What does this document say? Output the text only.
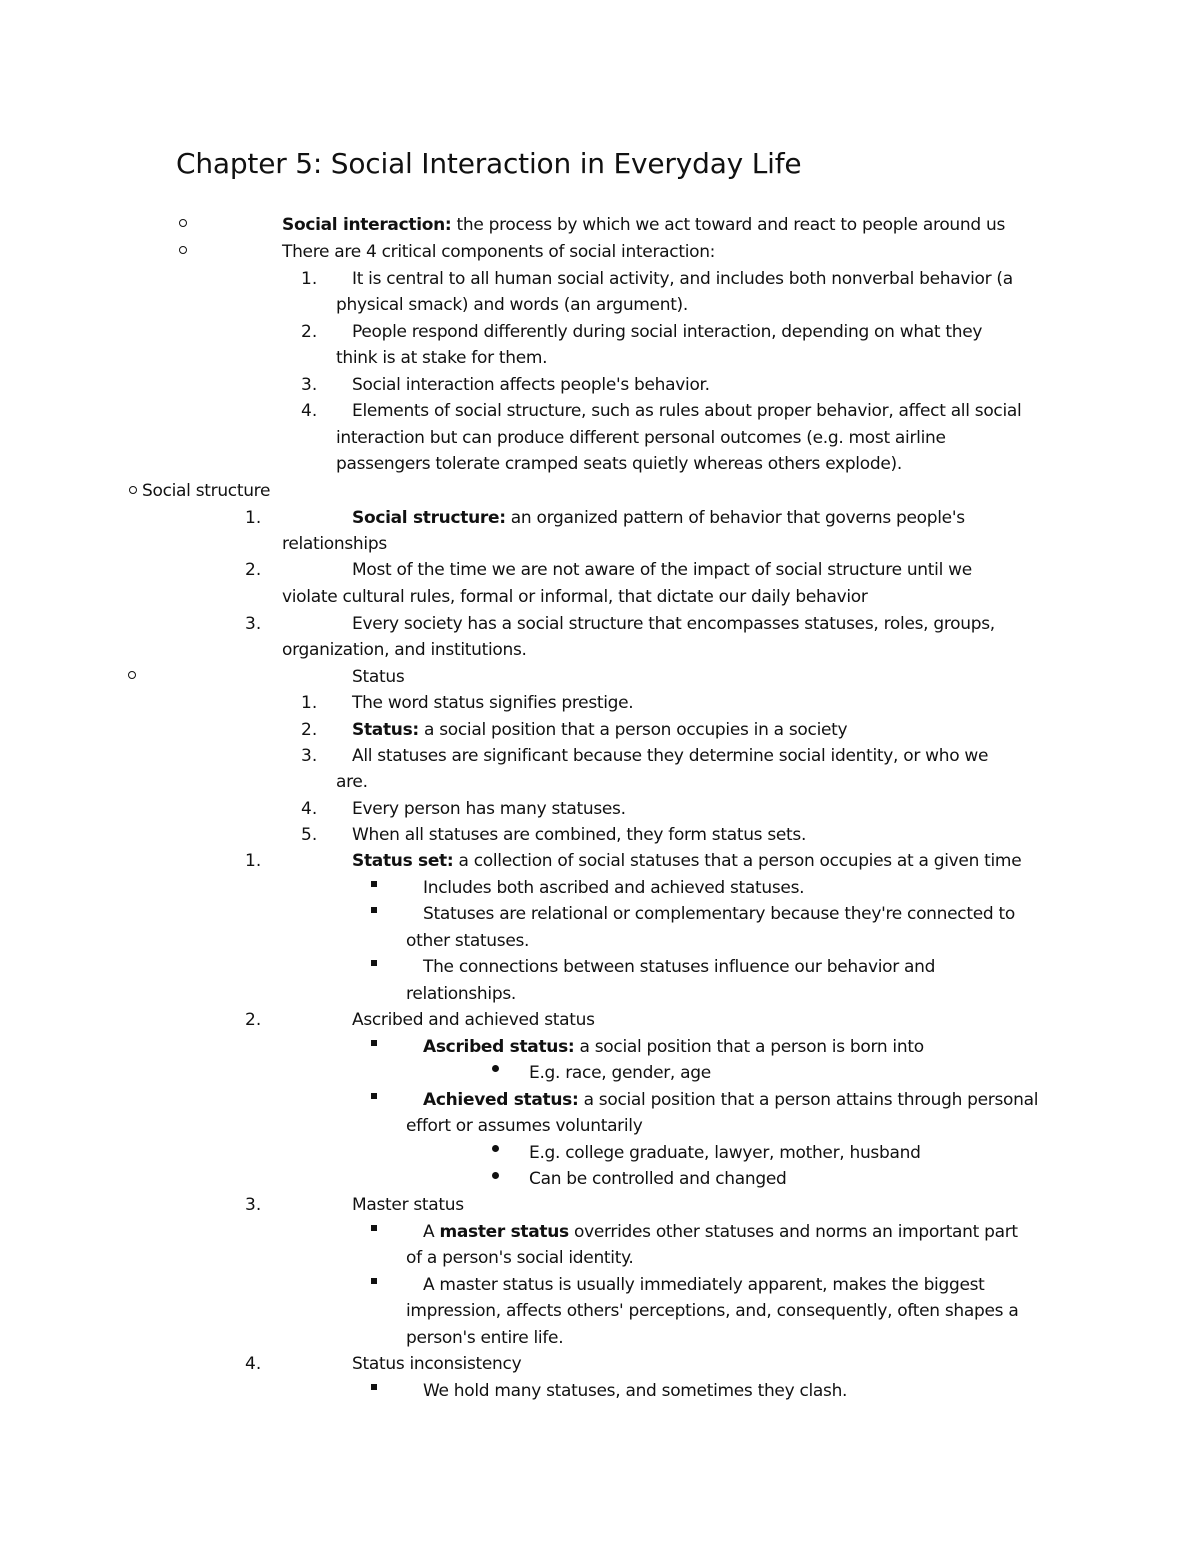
Chapter 5: Social Interaction in Everyday Life
Social interaction: the process by which we act toward and react to people around us
There are 4 critical components of social interaction:
1. It is central to all human social activity, and includes both nonverbal behavior (a
physical smack) and words (an argument).
2. People respond differently during social interaction, depending on what they
think is at stake for them.
3. Social interaction affects people's behavior.
4. Elements of social structure, such as rules about proper behavior, affect all social
interaction but can produce different personal outcomes (e.g. most airline
passengers tolerate cramped seats quietly whereas others explode).
Social structure
1.	Social structure: an organized pattern of behavior that governs people's
relationships
2.	Most of the time we are not aware of the impact of social structure until we
violate cultural rules, formal or informal, that dictate our daily behavior
3.	Every society has a social structure that encompasses statuses, roles, groups,
organization, and institutions.
Status
1. The word status signifies prestige.
2. Status: a social position that a person occupies in a society
3. All statuses are significant because they determine social identity, or who we
are.
4. Every person has many statuses.
5. When all statuses are combined, they form status sets.
1.	Status set: a collection of social statuses that a person occupies at a given time
Includes both ascribed and achieved statuses.
Statuses are relational or complementary because they're connected to
other statuses.
The connections between statuses influence our behavior and
relationships.
2.	Ascribed and achieved status
Ascribed status: a social position that a person is born into
E.g. race, gender, age
Achieved status: a social position that a person attains through personal
effort or assumes voluntarily
E.g. college graduate, lawyer, mother, husband
Can be controlled and changed
3.	Master status
A master status overrides other statuses and norms an important part
of a person's social identity.
A master status is usually immediately apparent, makes the biggest
impression, affects others' perceptions, and, consequently, often shapes a
person's entire life.
4.	Status inconsistency
We hold many statuses, and sometimes they clash.
